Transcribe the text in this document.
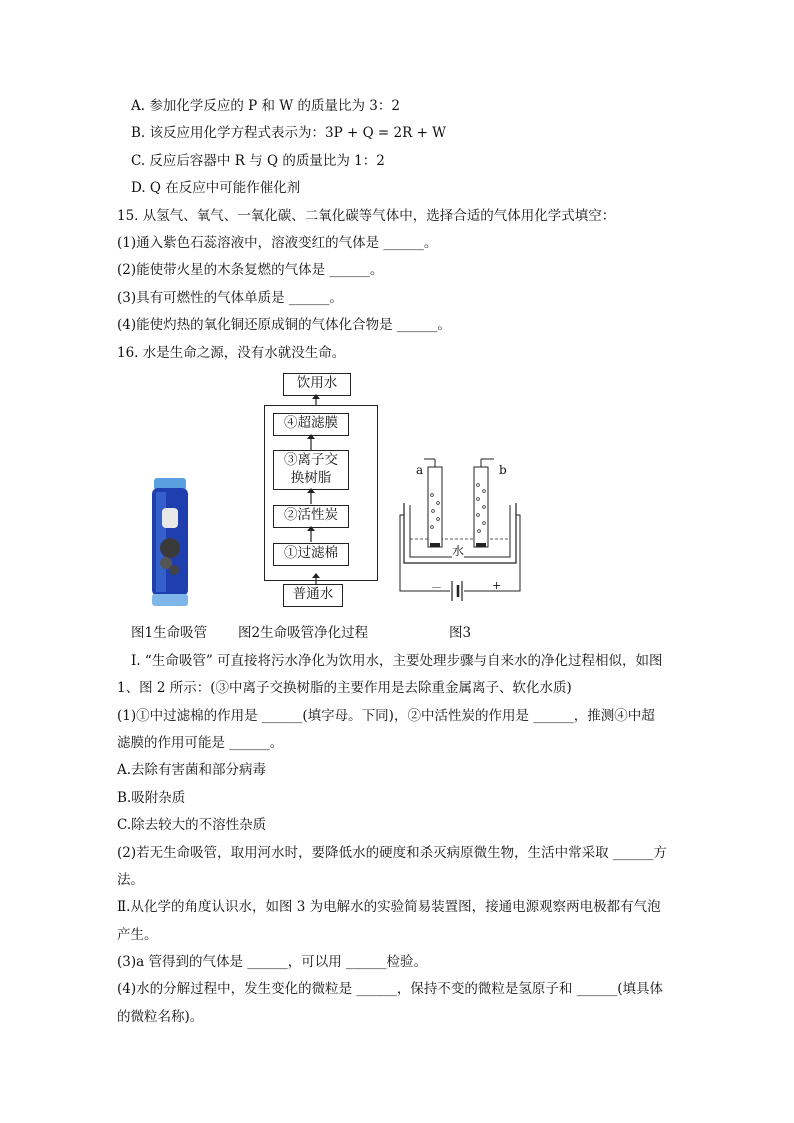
A. 参加化学反应的 P 和 W 的质量比为 3：2
B. 该反应用化学方程式表示为：3P + Q = 2R + W
C. 反应后容器中 R 与 Q 的质量比为 1：2
D. Q 在反应中可能作催化剂
15. 从氢气、氧气、一氧化碳、二氧化碳等气体中，选择合适的气体用化学式填空：
(1)通入紫色石蕊溶液中，溶液变红的气体是 ______。
(2)能使带火星的木条复燃的气体是 ______。
(3)具有可燃性的气体单质是 ______。
(4)能使灼热的氧化铜还原成铜的气体化合物是 ______。
16. 水是生命之源，没有水就没生命。
饮用水
④超滤膜
③离子交
换树脂
②活性炭
①过滤棉
普通水
a	b
水
－	+
图1生命吸管 图2生命吸管净化过程	图3
Ⅰ. “生命吸管” 可直接将污水净化为饮用水，主要处理步骤与自来水的净化过程相似，如图
1、图 2 所示：(③中离子交换树脂的主要作用是去除重金属离子、软化水质)
(1)①中过滤棉的作用是 ______(填字母。下同)，②中活性炭的作用是 ______，推测④中超
滤膜的作用可能是 ______。
A.去除有害菌和部分病毒
B.吸附杂质
C.除去较大的不溶性杂质
(2)若无生命吸管，取用河水时，要降低水的硬度和杀灭病原微生物，生活中常采取 ______方
法。
Ⅱ.从化学的角度认识水，如图 3 为电解水的实验简易装置图，接通电源观察两电极都有气泡
产生。
(3)a 管得到的气体是 ______，可以用 ______检验。
(4)水的分解过程中，发生变化的微粒是 ______，保持不变的微粒是氢原子和 ______(填具体
的微粒名称)。
